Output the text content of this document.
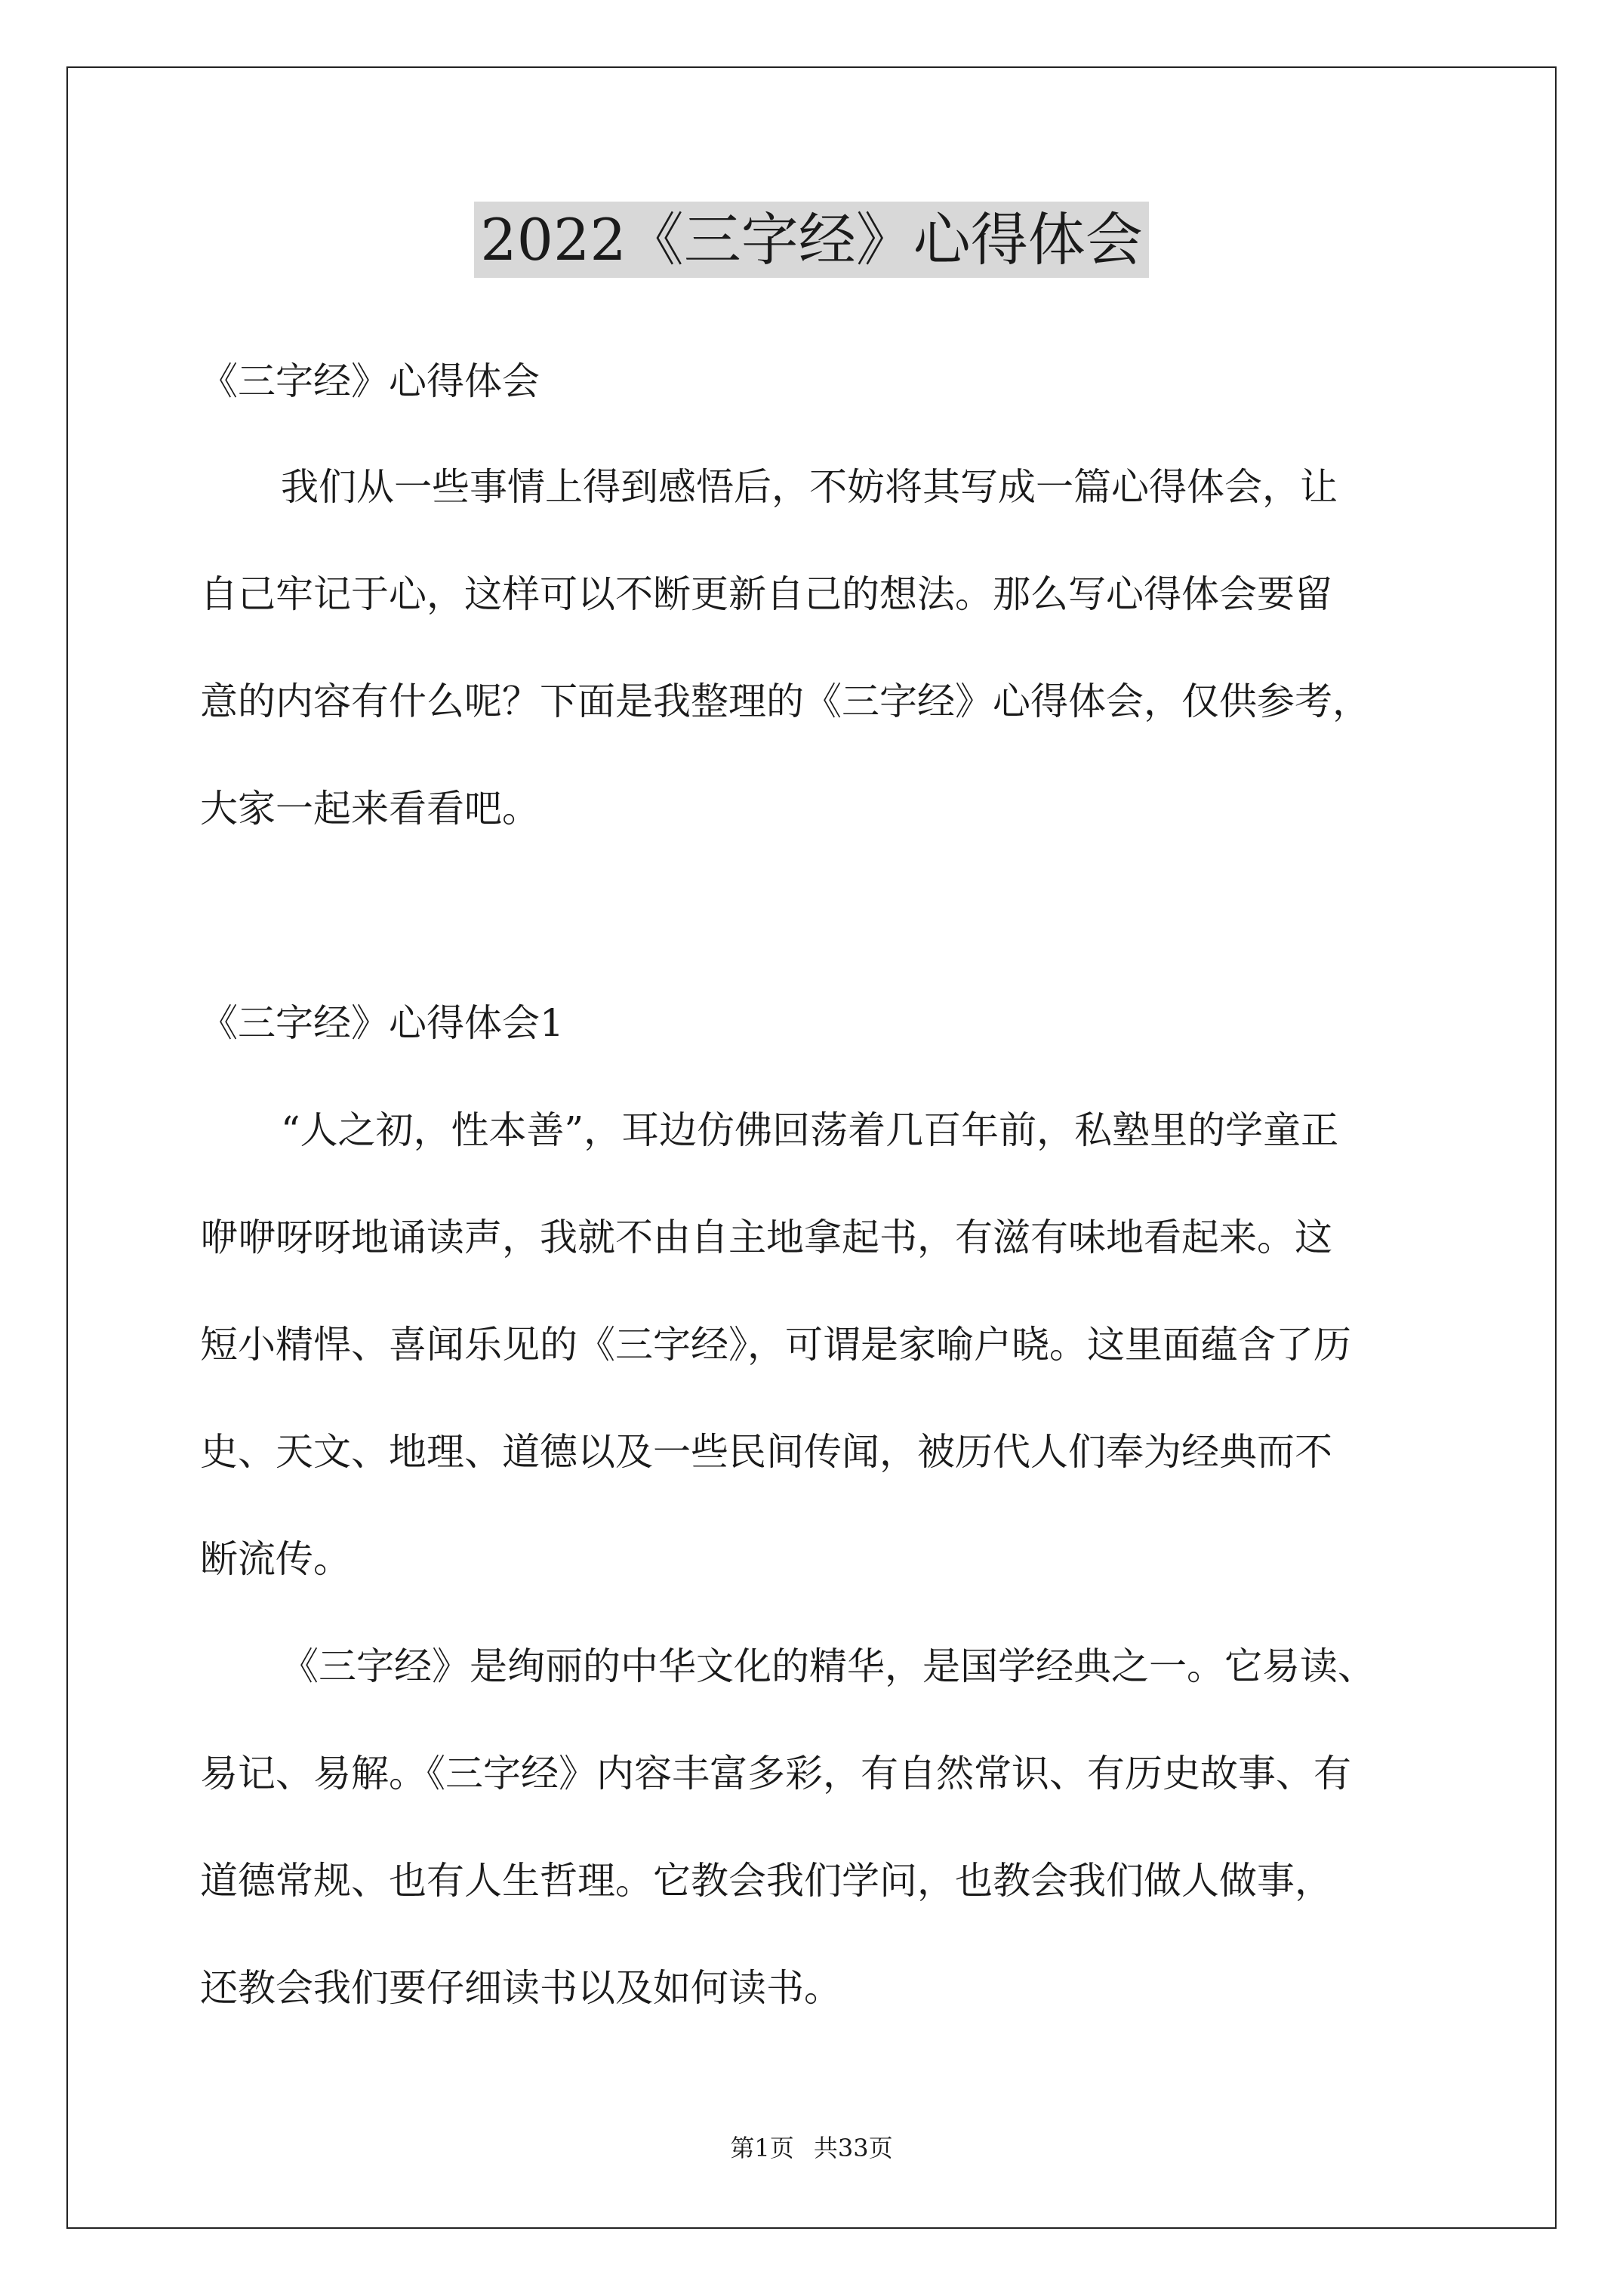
2022《三字经》心得体会
《三字经》心得体会
我们从一些事情上得到感悟后，不妨将其写成一篇心得体会，让
自己牢记于心，这样可以不断更新自己的想法。那么写心得体会要留
意的内容有什么呢？下面是我整理的《三字经》心得体会，仅供参考，
大家一起来看看吧。
《三字经》心得体会1
“人之初，性本善”，耳边仿佛回荡着几百年前，私塾里的学童正
咿咿呀呀地诵读声，我就不由自主地拿起书，有滋有味地看起来。这
短小精悍、喜闻乐见的《三字经》，可谓是家喻户晓。这里面蕴含了历
史、天文、地理、道德以及一些民间传闻，被历代人们奉为经典而不
断流传。
《三字经》是绚丽的中华文化的精华，是国学经典之一。它易读、
易记、易解。《三字经》内容丰富多彩，有自然常识、有历史故事、有
道德常规、也有人生哲理。它教会我们学问，也教会我们做人做事，
还教会我们要仔细读书以及如何读书。
第1页 共33页
